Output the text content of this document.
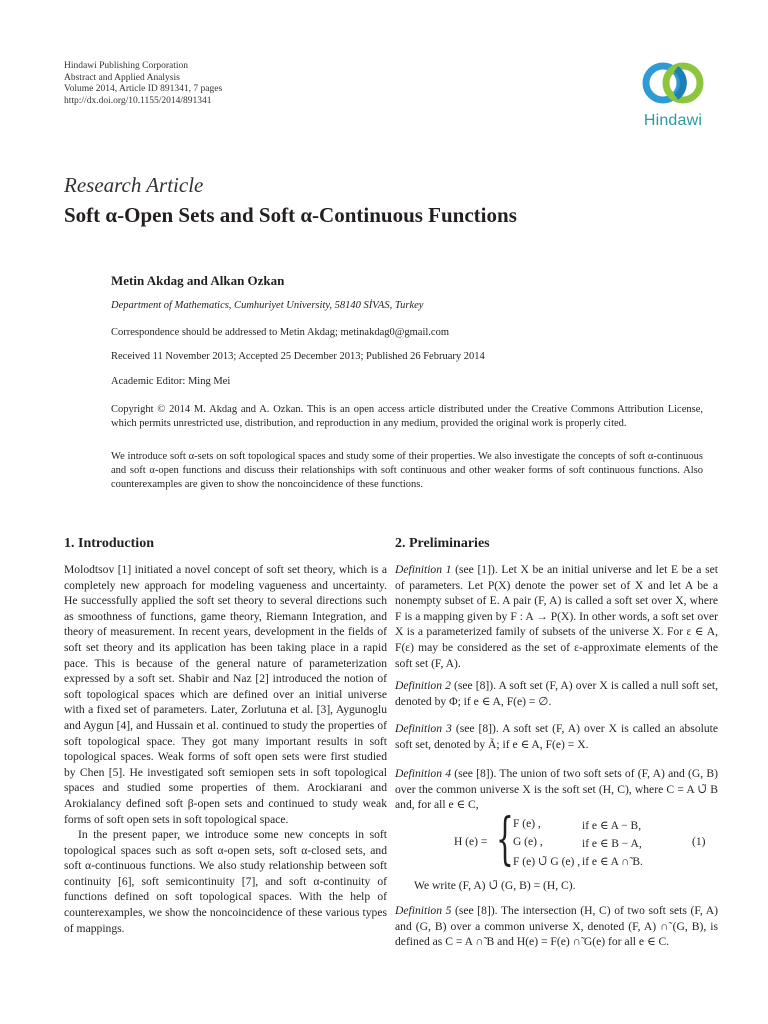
Hindawi Publishing Corporation
Abstract and Applied Analysis
Volume 2014, Article ID 891341, 7 pages
http://dx.doi.org/10.1155/2014/891341
Hindawi
Research Article
Soft α-Open Sets and Soft α-Continuous Functions
Metin Akdag and Alkan Ozkan
Department of Mathematics, Cumhuriyet University, 58140 SİVAS, Turkey
Correspondence should be addressed to Metin Akdag; metinakdag0@gmail.com
Received 11 November 2013; Accepted 25 December 2013; Published 26 February 2014
Academic Editor: Ming Mei
Copyright © 2014 M. Akdag and A. Ozkan. This is an open access article distributed under the Creative Commons Attribution License, which permits unrestricted use, distribution, and reproduction in any medium, provided the original work is properly cited.
We introduce soft α-sets on soft topological spaces and study some of their properties. We also investigate the concepts of soft α-continuous and soft α-open functions and discuss their relationships with soft continuous and other weaker forms of soft continuous functions. Also counterexamples are given to show the noncoincidence of these functions.
1. Introduction

Molodtsov [1] initiated a novel concept of soft set theory, which is a completely new approach for modeling vagueness and uncertainty. He successfully applied the soft set theory to several directions such as smoothness of functions, game theory, Riemann Integration, and theory of measurement. In recent years, development in the fields of soft set theory and its application has been taking place in a rapid pace. This is because of the general nature of parameterization expressed by a soft set. Shabir and Naz [2] introduced the notion of soft topological spaces which are defined over an initial universe with a fixed set of parameters. Later, Zorlutuna et al. [3], Aygunoglu and Aygun [4], and Hussain et al. continued to study the properties of soft topological space. They got many important results in soft topological spaces. Weak forms of soft open sets were first studied by Chen [5]. He investigated soft semiopen sets in soft topological spaces and studied some properties of them. Arockiarani and Arokialancy defined soft β-open sets and continued to study weak forms of soft open sets in soft topological space.

In the present paper, we introduce some new concepts in soft topological spaces such as soft α-open sets, soft α-closed sets, and soft α-continuous functions. We also study relationship between soft continuity [6], soft semicontinuity [7], and soft α-continuity of functions defined on soft topological spaces. With the help of counterexamples, we show the noncoincidence of these various types of mappings.

2. Preliminaries
Definition 1 (see [1]). Let X be an initial universe and let E be a set of parameters. Let P(X) denote the power set of X and let A be a nonempty subset of E. A pair (F, A) is called a soft set over X, where F is a mapping given by F : A → P(X). In other words, a soft set over X is a parameterized family of subsets of the universe X. For ε ∈ A, F(ε) may be considered as the set of ε-approximate elements of the soft set (F, A).
Definition 2 (see [8]). A soft set (F, A) over X is called a null soft set, denoted by Φ; if e ∈ A, F(e) = ∅.
Definition 3 (see [8]). A soft set (F, A) over X is called an absolute soft set, denoted by Ã; if e ∈ A, F(e) = X.
Definition 4 (see [8]). The union of two soft sets of (F, A) and (G, B) over the common universe X is the soft set (H, C), where C = A ∪̃ B and, for all e ∈ C,
H (e) = { F (e) ,	if e ∈ A − B,
G (e) ,	if e ∈ B − A,
F (e) ∪̃ G (e) , if e ∈ A ∩̃ B.
(1)
We write (F, A) ∪̃ (G, B) = (H, C).
Definition 5 (see [8]). The intersection (H, C) of two soft sets (F, A) and (G, B) over a common universe X, denoted (F, A) ∩̃ (G, B), is defined as C = A ∩̃ B and H(e) = F(e) ∩̃ G(e) for all e ∈ C.
